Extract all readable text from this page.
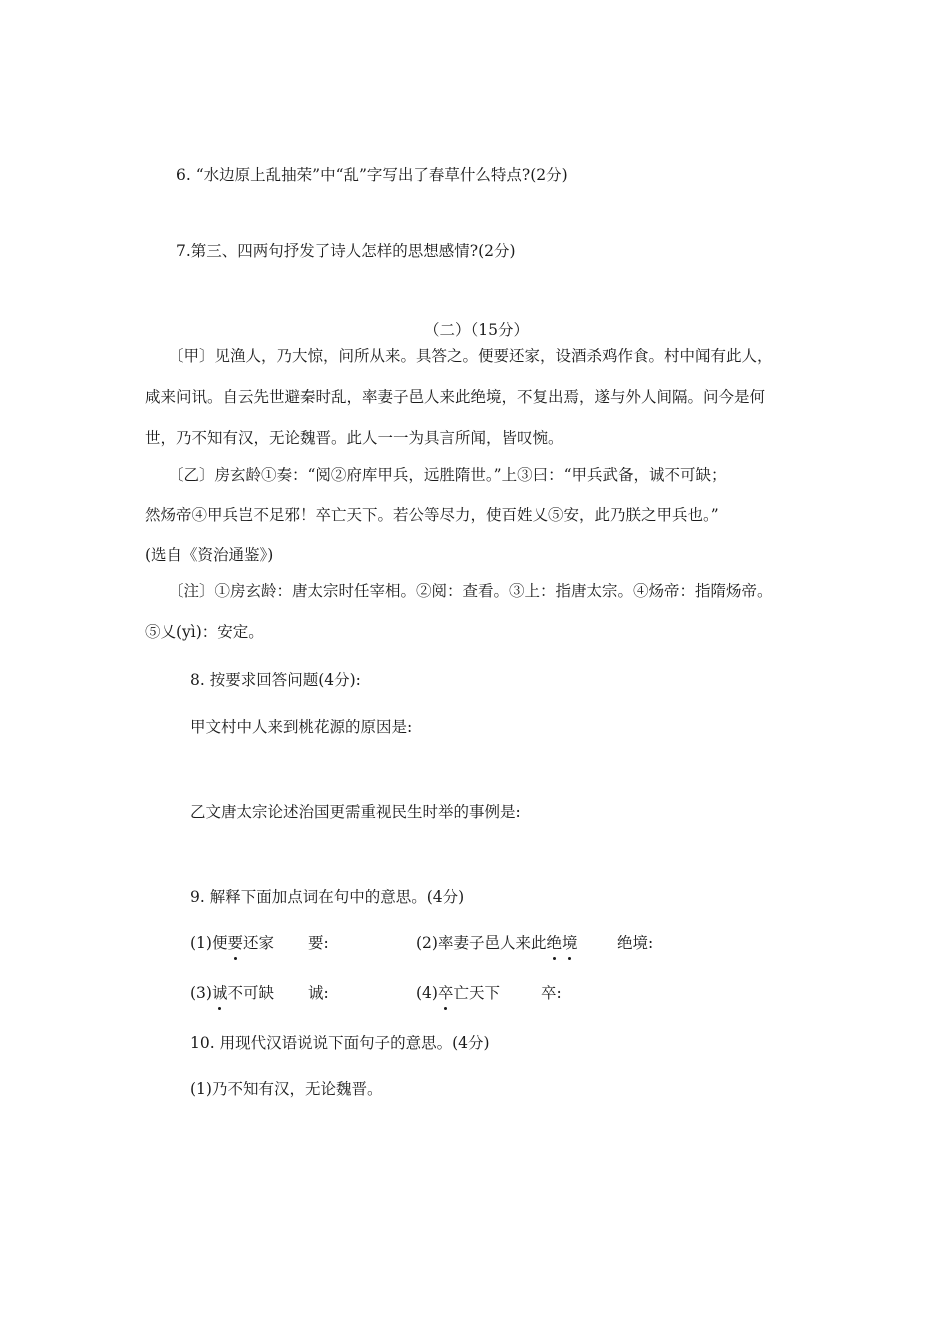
6. “水边原上乱抽荣”中“乱”字写出了春草什么特点?(2分)
7.第三、四两句抒发了诗人怎样的思想感情?(2分)
（二）（15分）
〔甲〕见渔人，乃大惊，问所从来。具答之。便要还家，设酒杀鸡作食。村中闻有此人，
咸来问讯。自云先世避秦时乱，率妻子邑人来此绝境，不复出焉，遂与外人间隔。问今是何
世，乃不知有汉，无论魏晋。此人一一为具言所闻，皆叹惋。
〔乙〕房玄龄①奏：“阅②府库甲兵，远胜隋世。”上③曰：“甲兵武备，诚不可缺；
然炀帝④甲兵岂不足邪！卒亡天下。若公等尽力，使百姓乂⑤安，此乃朕之甲兵也。”
(选自《资治通鉴》)
〔注〕①房玄龄：唐太宗时任宰相。②阅：查看。③上：指唐太宗。④炀帝：指隋炀帝。
⑤乂(yì)：安定。
8. 按要求回答问题(4分):
甲文村中人来到桃花源的原因是:
乙文唐太宗论述治国更需重视民生时举的事例是:
9. 解释下面加点词在句中的意思。(4分)
(1)便要还家 要:	(2)率妻子邑人来此绝境	绝境:
(3)诚不可缺 诚:	(4)卒亡天下	卒:
10. 用现代汉语说说下面句子的意思。(4分)
(1)乃不知有汉，无论魏晋。
